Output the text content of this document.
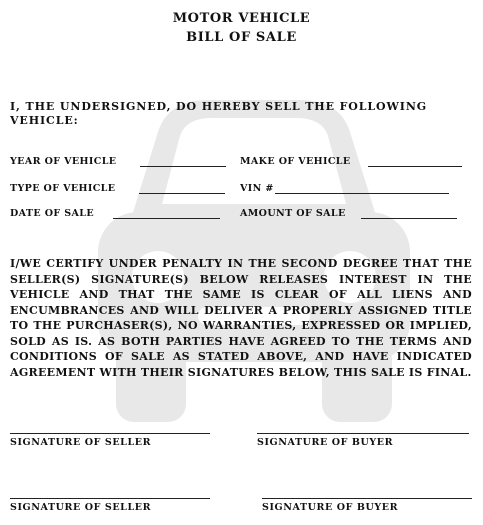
MOTOR VEHICLE
BILL OF SALE
I, THE UNDERSIGNED, DO HEREBY SELL THE FOLLOWING VEHICLE:
YEAR OF VEHICLE	MAKE OF VEHICLE
TYPE OF VEHICLE	VIN #
DATE OF SALE	AMOUNT OF SALE
I/WE CERTIFY UNDER PENALTY IN THE SECOND DEGREE THAT THE SELLER(S) SIGNATURE(S) BELOW RELEASES INTEREST IN THE VEHICLE AND THAT THE SAME IS CLEAR OF ALL LIENS AND ENCUMBRANCES AND WILL DELIVER A PROPERLY ASSIGNED TITLE TO THE PURCHASER(S), NO WARRANTIES, EXPRESSED OR IMPLIED, SOLD AS IS. AS BOTH PARTIES HAVE AGREED TO THE TERMS AND CONDITIONS OF SALE AS STATED ABOVE, AND HAVE INDICATED AGREEMENT WITH THEIR SIGNATURES BELOW, THIS SALE IS FINAL.
SIGNATURE OF SELLER	SIGNATURE OF BUYER
SIGNATURE OF SELLER	SIGNATURE OF BUYER
